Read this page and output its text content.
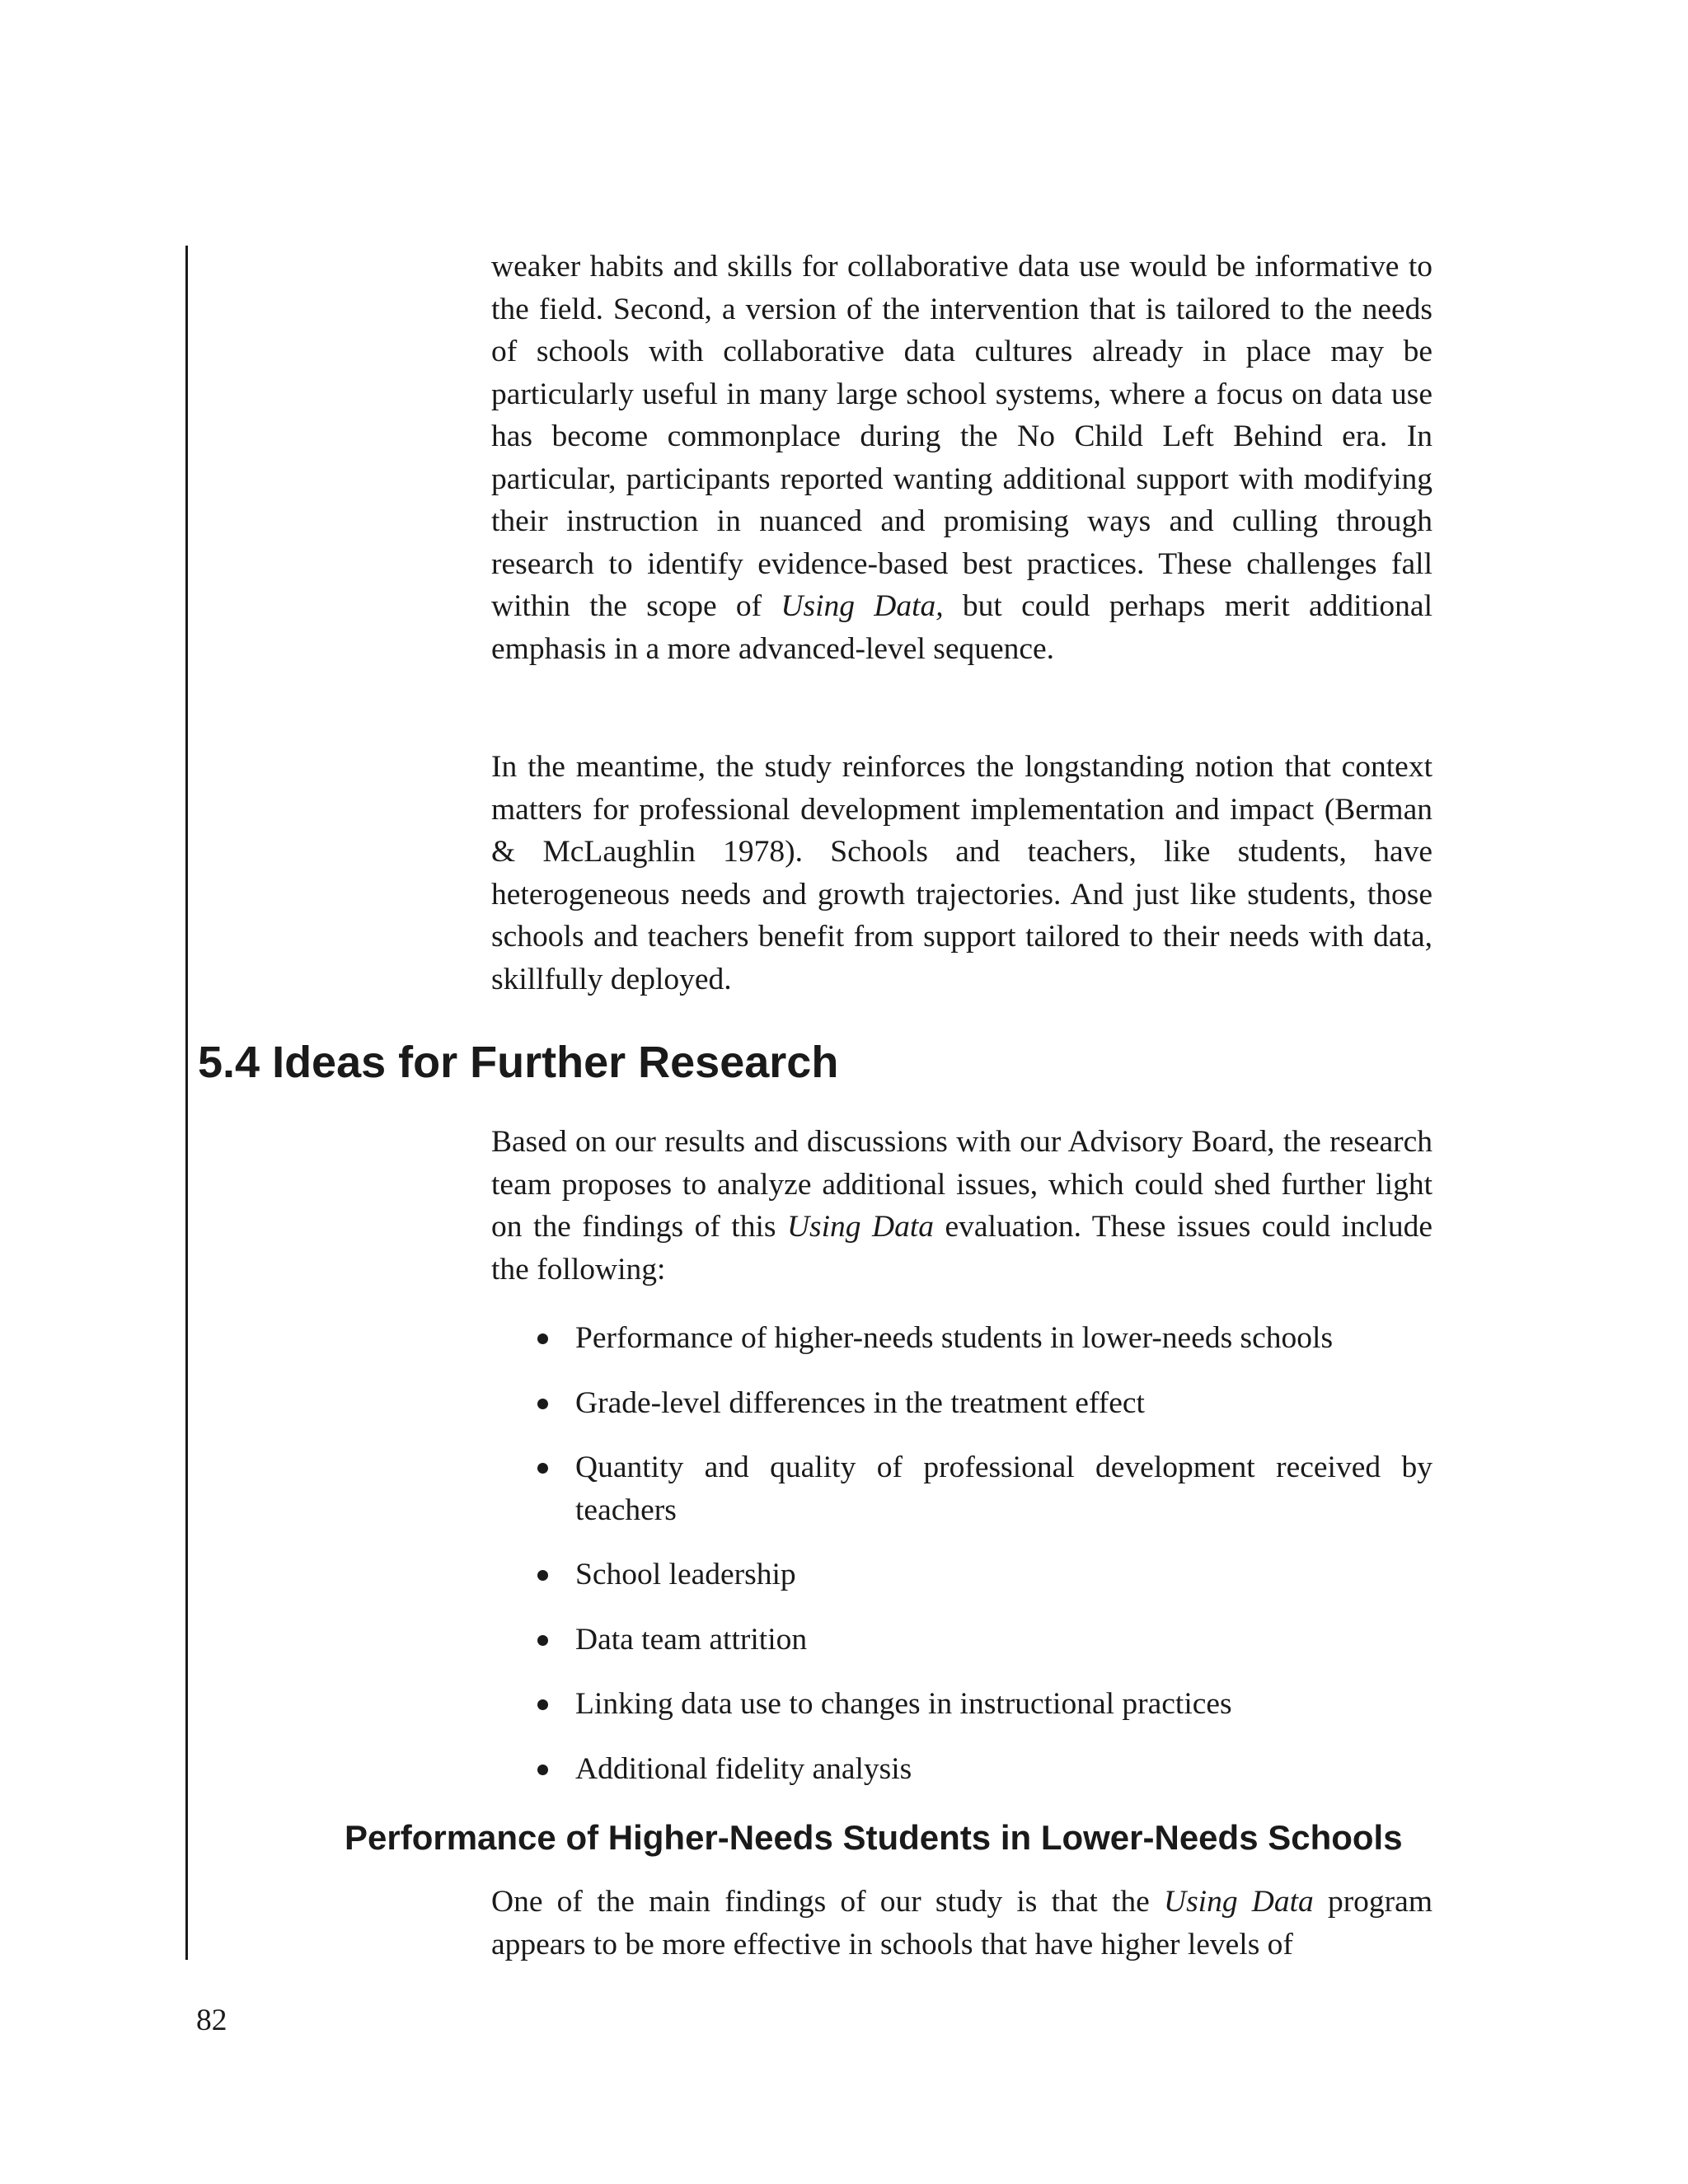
weaker habits and skills for collaborative data use would be informative to the field. Second, a version of the intervention that is tailored to the needs of schools with collaborative data cultures already in place may be particularly useful in many large school systems, where a focus on data use has become commonplace during the No Child Left Behind era. In particular, participants reported wanting additional support with modifying their instruction in nuanced and promising ways and culling through research to identify evidence-based best practices. These challenges fall within the scope of Using Data, but could perhaps merit additional emphasis in a more advanced-level sequence.

In the meantime, the study reinforces the longstanding notion that context matters for professional development implementation and impact (Berman & McLaughlin 1978). Schools and teachers, like students, have heterogeneous needs and growth trajectories. And just like students, those schools and teachers benefit from support tailored to their needs with data, skillfully deployed.

5.4 Ideas for Further Research

Based on our results and discussions with our Advisory Board, the research team proposes to analyze additional issues, which could shed further light on the findings of this Using Data evaluation. These issues could include the following:

Performance of higher-needs students in lower-needs schools
Grade-level differences in the treatment effect
Quantity and quality of professional development received by teachers
School leadership
Data team attrition
Linking data use to changes in instructional practices
Additional fidelity analysis
Performance of Higher-Needs Students in Lower-Needs Schools

One of the main findings of our study is that the Using Data program appears to be more effective in schools that have higher levels of

82
